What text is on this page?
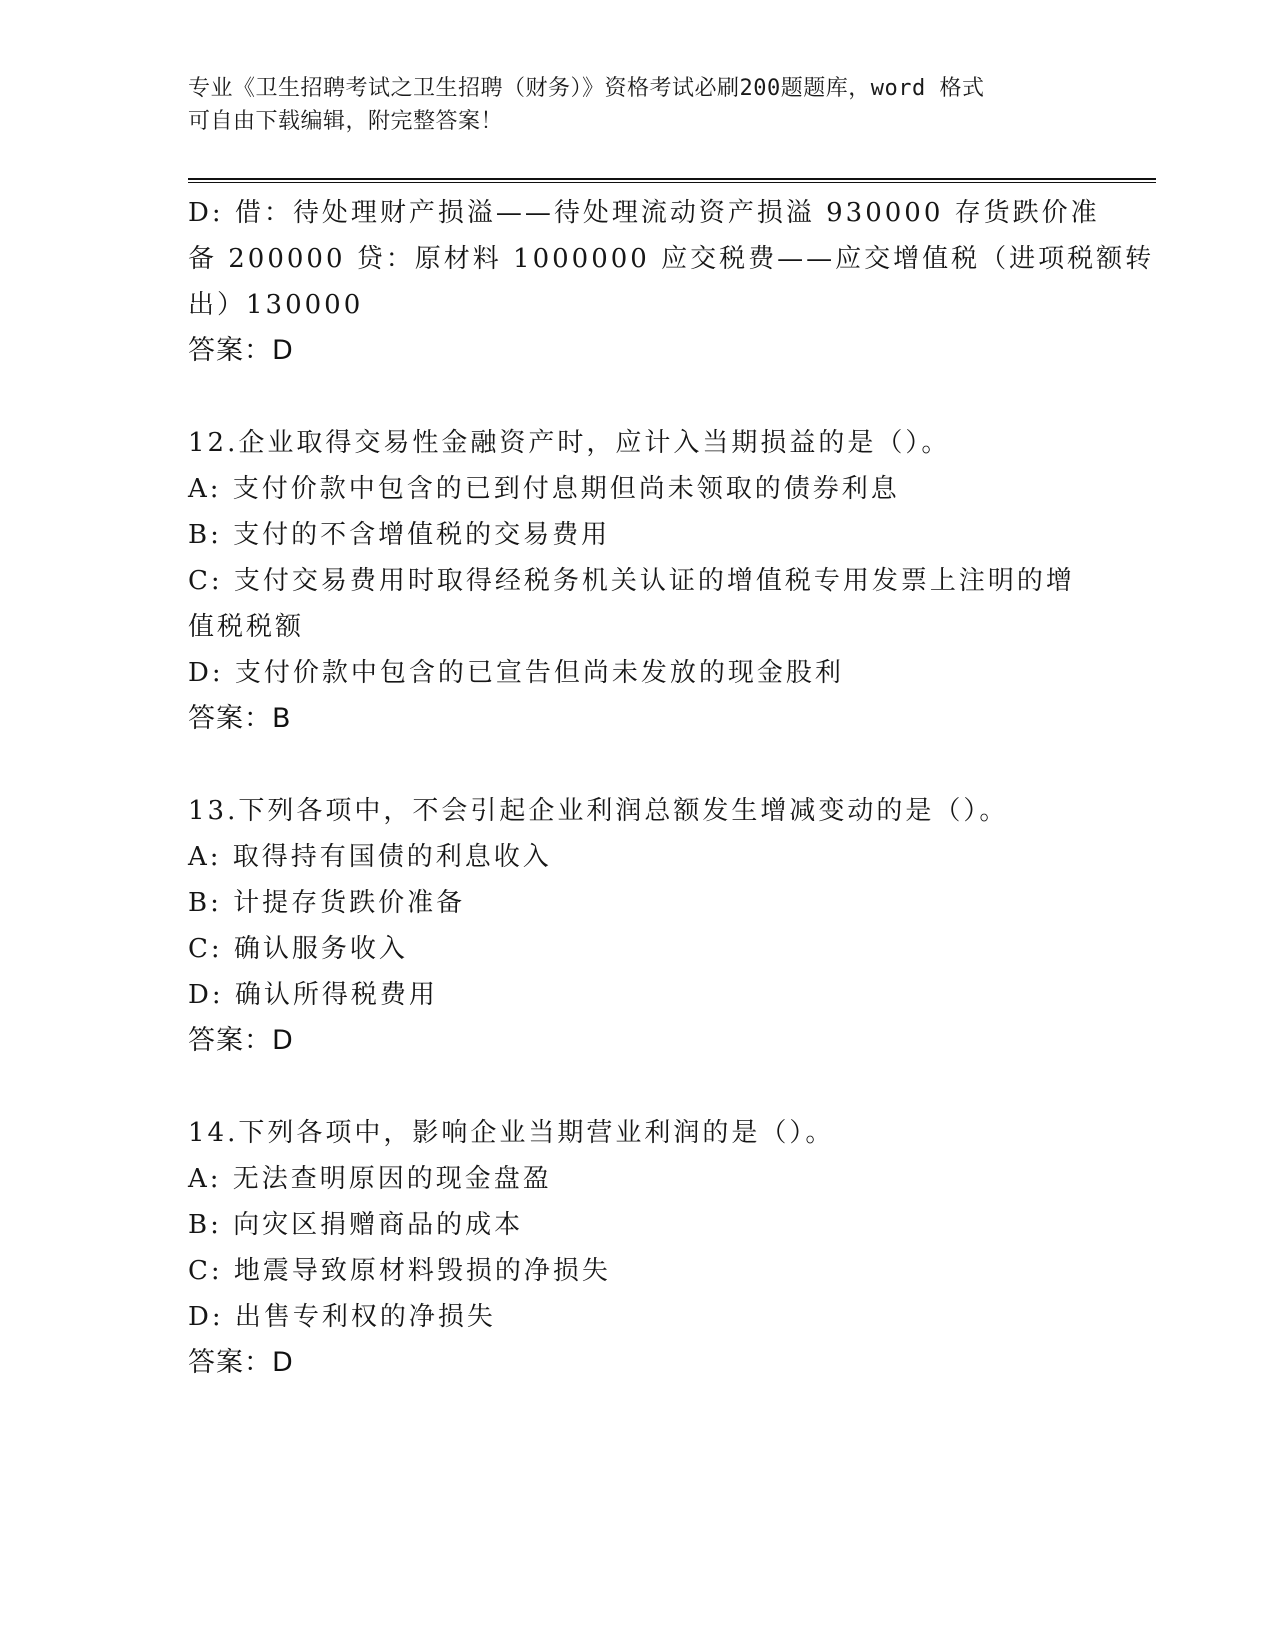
专业《卫生招聘考试之卫生招聘（财务）》资格考试必刷200题题库，word 格式
可自由下载编辑，附完整答案！
D: 借：待处理财产损溢——待处理流动资产损溢 930000 存货跌价准
备 200000 贷：原材料 1000000 应交税费——应交增值税（进项税额转
出）130000
答案：D
12.企业取得交易性金融资产时，应计入当期损益的是（）。
A: 支付价款中包含的已到付息期但尚未领取的债券利息
B: 支付的不含增值税的交易费用
C: 支付交易费用时取得经税务机关认证的增值税专用发票上注明的增
值税税额
D: 支付价款中包含的已宣告但尚未发放的现金股利
答案：B
13.下列各项中，不会引起企业利润总额发生增减变动的是（）。
A: 取得持有国债的利息收入
B: 计提存货跌价准备
C: 确认服务收入
D: 确认所得税费用
答案：D
14.下列各项中，影响企业当期营业利润的是（）。
A: 无法查明原因的现金盘盈
B: 向灾区捐赠商品的成本
C: 地震导致原材料毁损的净损失
D: 出售专利权的净损失
答案：D
